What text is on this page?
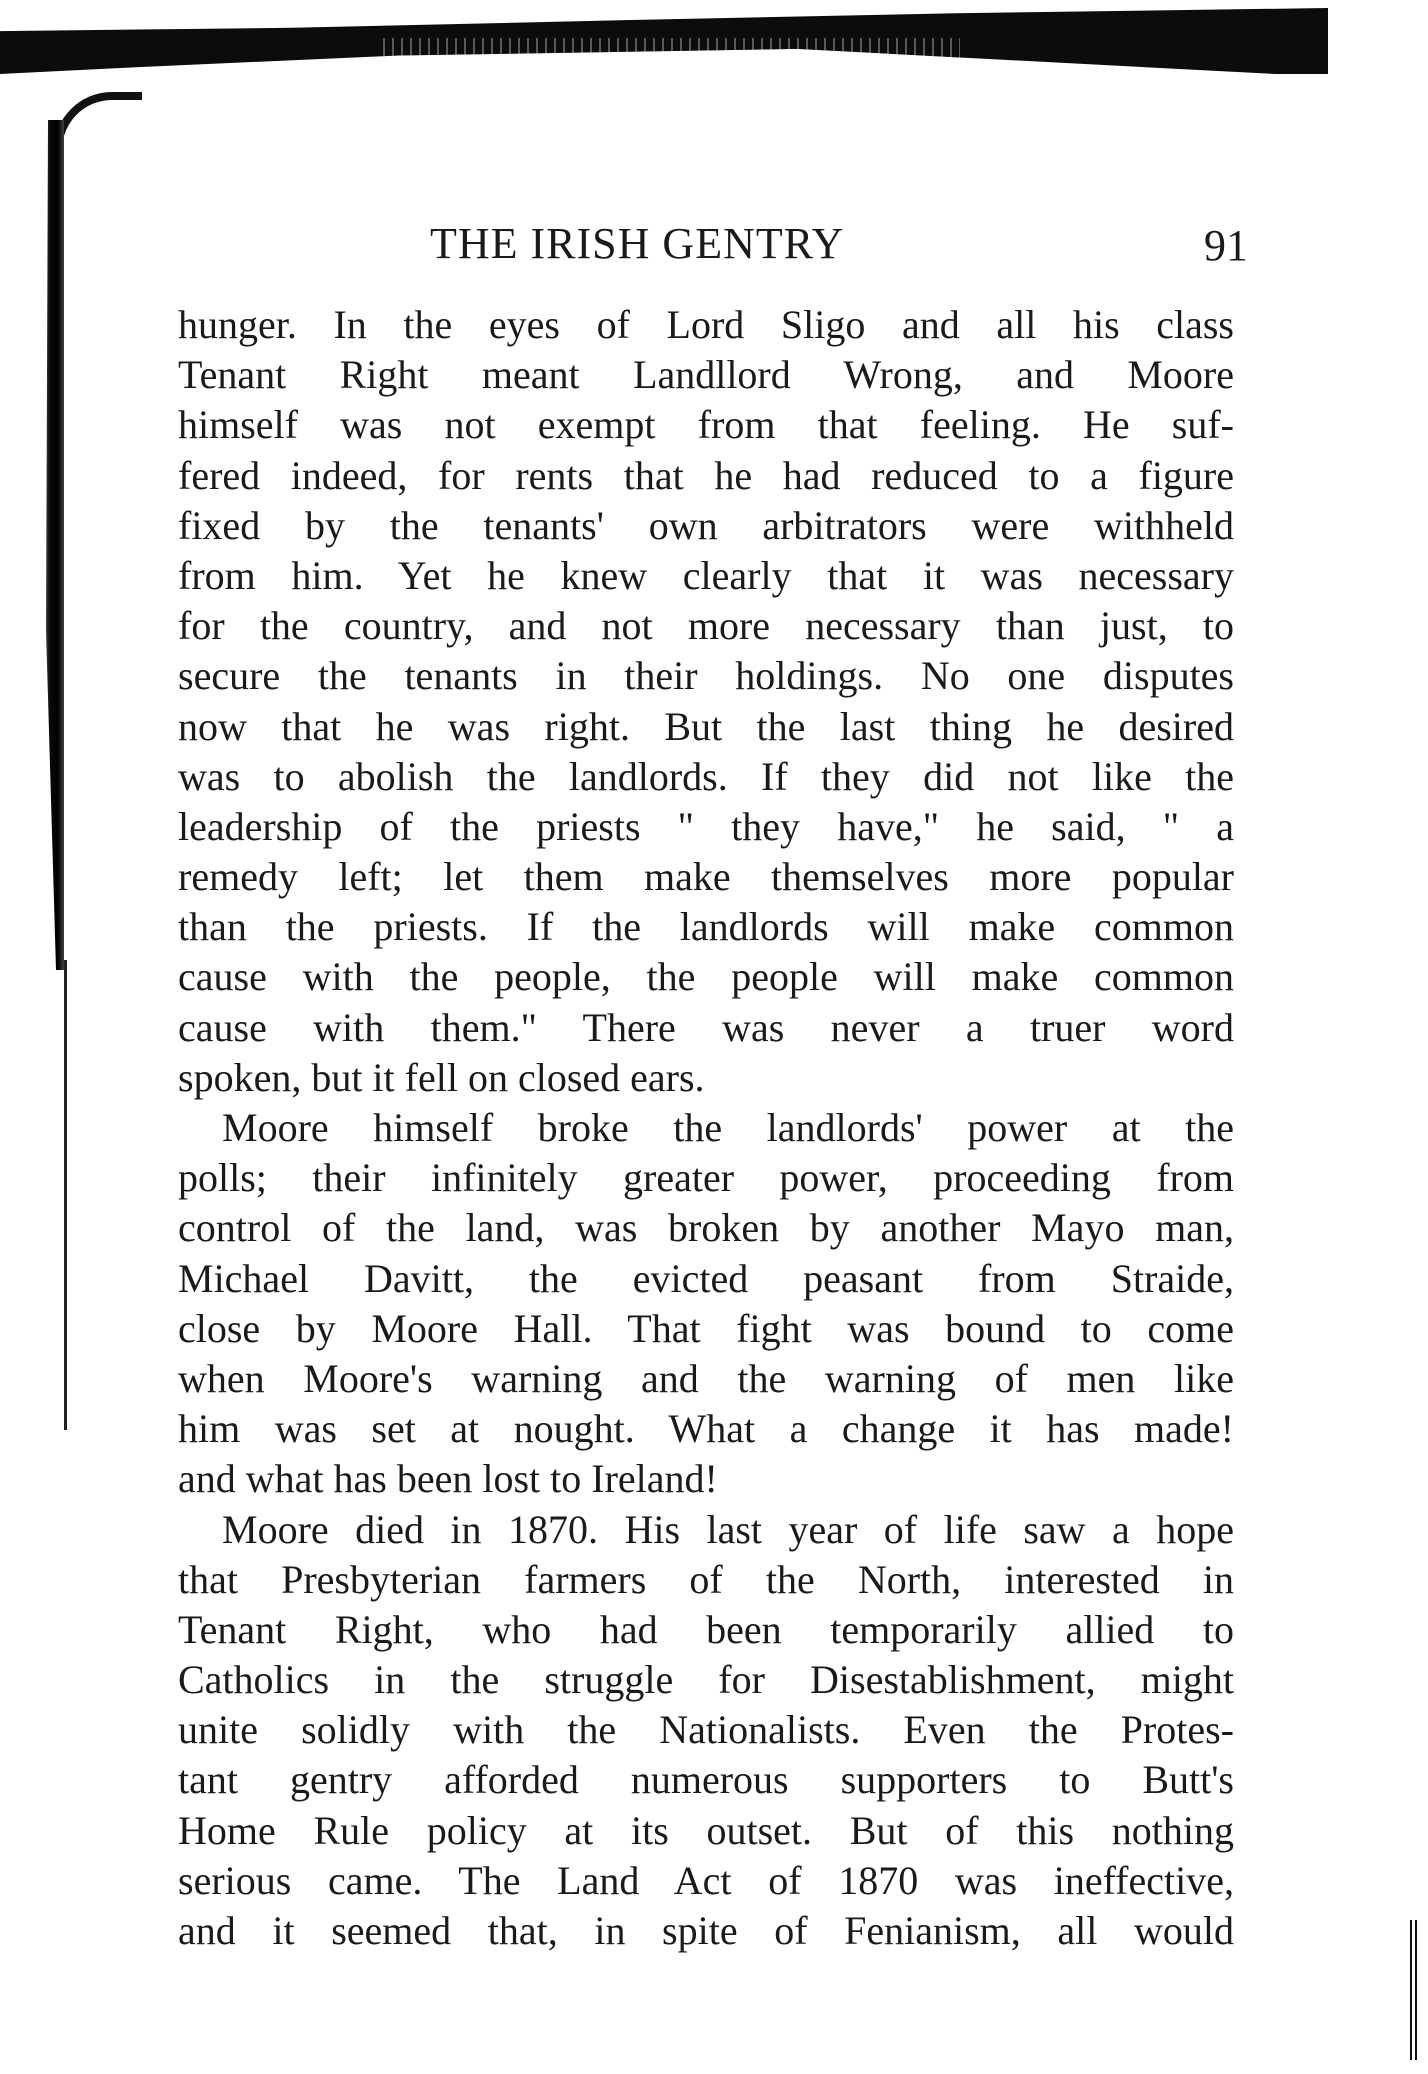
THE IRISH GENTRY	91
hunger. In the eyes of Lord Sligo and all his class
Tenant Right meant Landllord Wrong, and Moore
himself was not exempt from that feeling. He suf-
fered indeed, for rents that he had reduced to a figure
fixed by the tenants' own arbitrators were withheld
from him. Yet he knew clearly that it was necessary
for the country, and not more necessary than just, to
secure the tenants in their holdings. No one disputes
now that he was right. But the last thing he desired
was to abolish the landlords. If they did not like the
leadership of the priests " they have," he said, " a
remedy left; let them make themselves more popular
than the priests. If the landlords will make common
cause with the people, the people will make common
cause with them." There was never a truer word
spoken, but it fell on closed ears.
Moore himself broke the landlords' power at the
polls; their infinitely greater power, proceeding from
control of the land, was broken by another Mayo man,
Michael Davitt, the evicted peasant from Straide,
close by Moore Hall. That fight was bound to come
when Moore's warning and the warning of men like
him was set at nought. What a change it has made!
and what has been lost to Ireland!
Moore died in 1870. His last year of life saw a hope
that Presbyterian farmers of the North, interested in
Tenant Right, who had been temporarily allied to
Catholics in the struggle for Disestablishment, might
unite solidly with the Nationalists. Even the Protes-
tant gentry afforded numerous supporters to Butt's
Home Rule policy at its outset. But of this nothing
serious came. The Land Act of 1870 was ineffective,
and it seemed that, in spite of Fenianism, all would
